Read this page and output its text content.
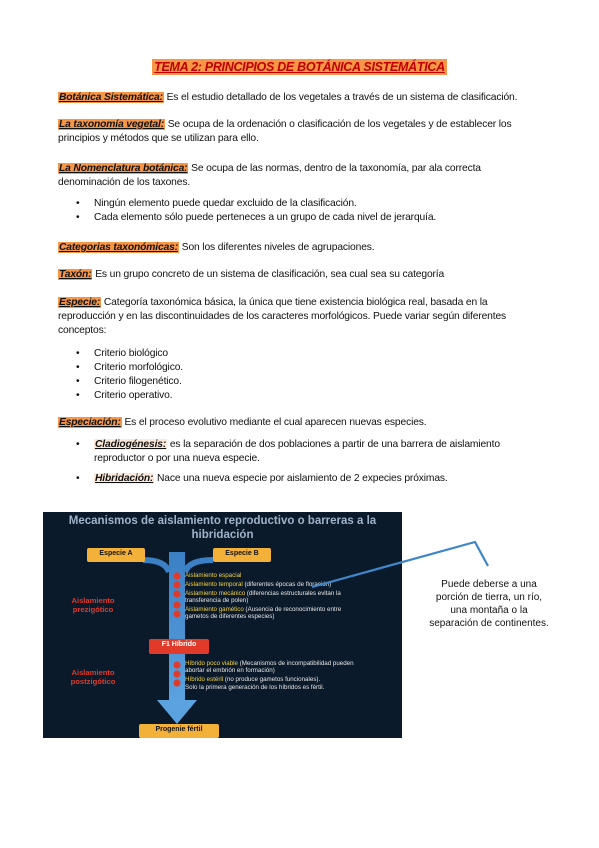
TEMA 2: PRINCIPIOS DE BOTÁNICA SISTEMÁTICA
Botánica Sistemática: Es el estudio detallado de los vegetales a través de un sistema de clasificación.
La taxonomía vegetal: Se ocupa de la ordenación o clasificación de los vegetales y de establecer los principios y métodos que se utilizan para ello.
La Nomenclatura botánica: Se ocupa de las normas, dentro de la taxonomía, par ala correcta denominación de los taxones.
• Ningún elemento puede quedar excluido de la clasificación.
• Cada elemento sólo puede perteneces a un grupo de cada nivel de jerarquía.
Categorias taxonómicas: Son los diferentes niveles de agrupaciones.
Taxón: Es un grupo concreto de un sistema de clasificación, sea cual sea su categoría
Especie: Categoría taxonómica básica, la única que tiene existencia biológica real, basada en la reproducción y en las discontinuidades de los caracteres morfológicos. Puede variar según diferentes conceptos:
• Criterio biológico
• Criterio morfológico.
• Criterio filogenético.
• Criterio operativo.
Especiación: Es el proceso evolutivo mediante el cual aparecen nuevas especies.
• Cladiogénesis: es la separación de dos poblaciones a partir de una barrera de aislamiento reproductor o por una nueva especie.
• Hibridación: Nace una nueva especie por aislamiento de 2 expecies próximas.
Mecanismos de aislamiento reproductivo o barreras a la hibridación
Especie A	Especie B
Aislamiento prezigótico
Aislamiento postzigótico
F1 Híbrido
Progenie fértil
Aislamiento espacial
Aislamiento temporal (diferentes épocas de floración)
Aislamiento mecánico (diferencias estructurales evitan la transferencia de polen)
Aislamiento gamético (Ausencia de reconocimiento entre gametos de diferentes especies)
Híbrido poco viable (Mecanismos de incompatibilidad pueden abortar el embrión en formación)
Híbrido estéril (no produce gametos funcionales).
Solo la primera generación de los híbridos es fértil.
Puede deberse a una porción de tierra, un río, una montaña o la separación de continentes.
